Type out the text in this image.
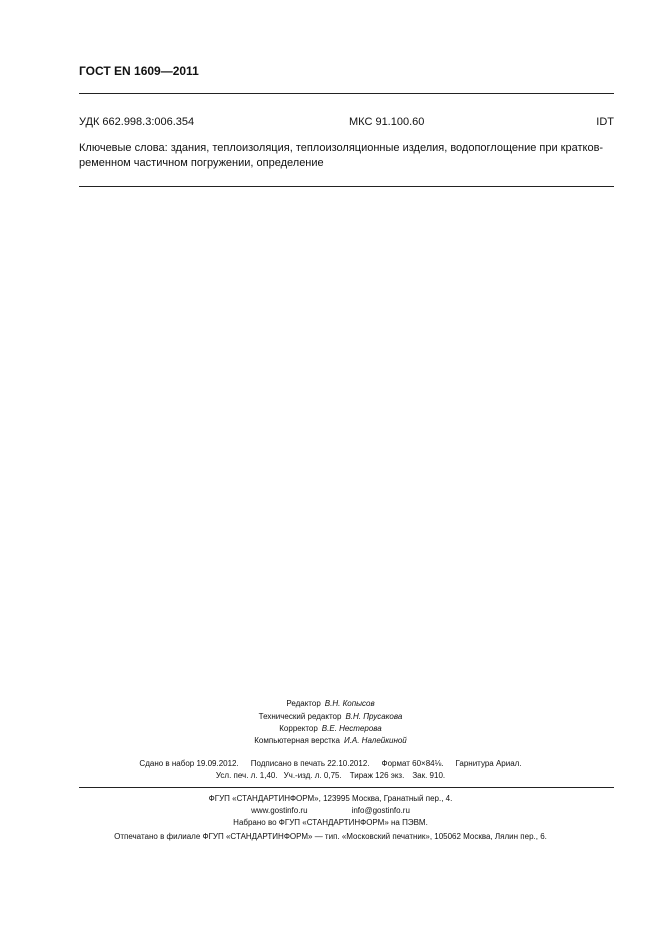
ГОСТ EN 1609—2011
УДК 662.998.3:006.354	МКС 91.100.60	IDT
Ключевые слова: здания, теплоизоляция, теплоизоляционные изделия, водопоглощение при кратков-
ременном частичном погружении, определение
Редактор В.Н. Копысов
Технический редактор В.Н. Прусакова
Корректор В.Е. Нестерова
Компьютерная верстка И.А. Налейкиной
Сдано в набор 19.09.2012. Подписано в печать 22.10.2012. Формат 60×84⅛. Гарнитура Ариал.
Усл. печ. л. 1,40. Уч.-изд. л. 0,75. Тираж 126 экз. Зак. 910.
ФГУП «СТАНДАРТИНФОРМ», 123995 Москва, Гранатный пер., 4.
www.gostinfo.ru	info@gostinfo.ru
Набрано во ФГУП «СТАНДАРТИНФОРМ» на ПЭВМ.
Отпечатано в филиале ФГУП «СТАНДАРТИНФОРМ» — тип. «Московский печатник», 105062 Москва, Лялин пер., 6.
